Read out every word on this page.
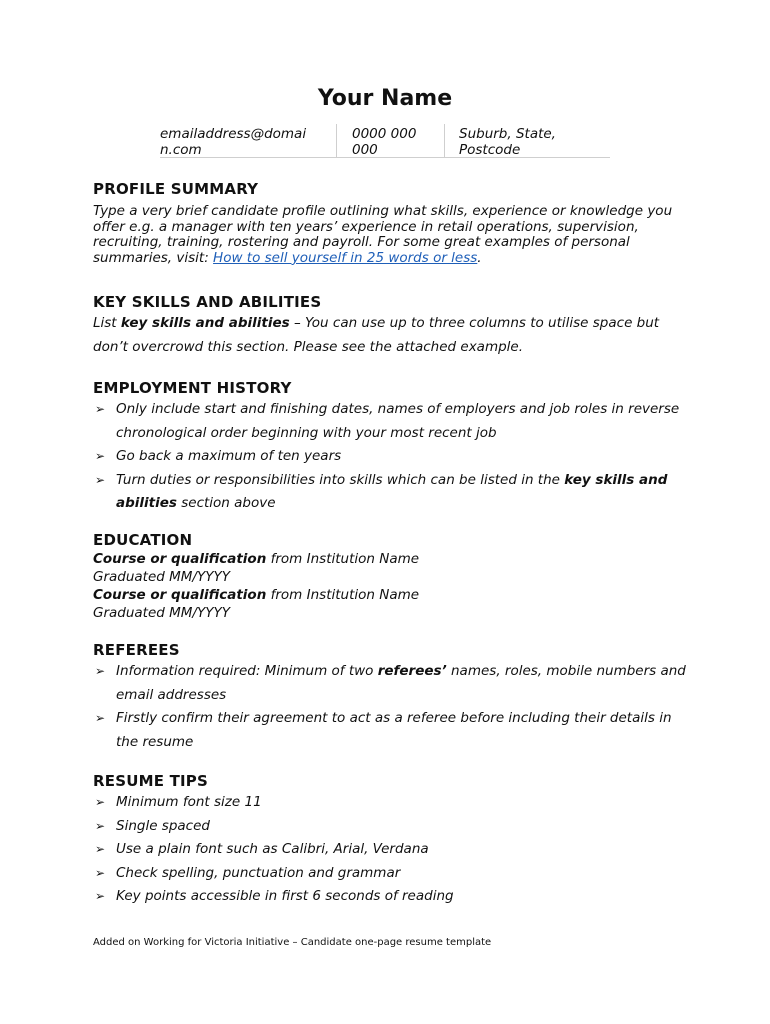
Your Name
emailaddress@domai
n.com
0000 000
000
Suburb, State,
Postcode
PROFILE SUMMARY
Type a very brief candidate profile outlining what skills, experience or knowledge you offer e.g. a manager with ten years’ experience in retail operations, supervision, recruiting, training, rostering and payroll. For some great examples of personal summaries, visit: How to sell yourself in 25 words or less.
KEY SKILLS AND ABILITIES
List key skills and abilities – You can use up to three columns to utilise space but don’t overcrowd this section. Please see the attached example.
EMPLOYMENT HISTORY
➢ Only include start and finishing dates, names of employers and job roles in reverse chronological order beginning with your most recent job
➢ Go back a maximum of ten years
➢ Turn duties or responsibilities into skills which can be listed in the key skills and abilities section above
EDUCATION
Course or qualification from Institution Name
Graduated MM/YYYY
Course or qualification from Institution Name
Graduated MM/YYYY
REFEREES
➢ Information required: Minimum of two referees’ names, roles, mobile numbers and email addresses
➢ Firstly confirm their agreement to act as a referee before including their details in the resume
RESUME TIPS
➢ Minimum font size 11
➢ Single spaced
➢ Use a plain font such as Calibri, Arial, Verdana
➢ Check spelling, punctuation and grammar
➢ Key points accessible in first 6 seconds of reading
Added on Working for Victoria Initiative – Candidate one-page resume template
